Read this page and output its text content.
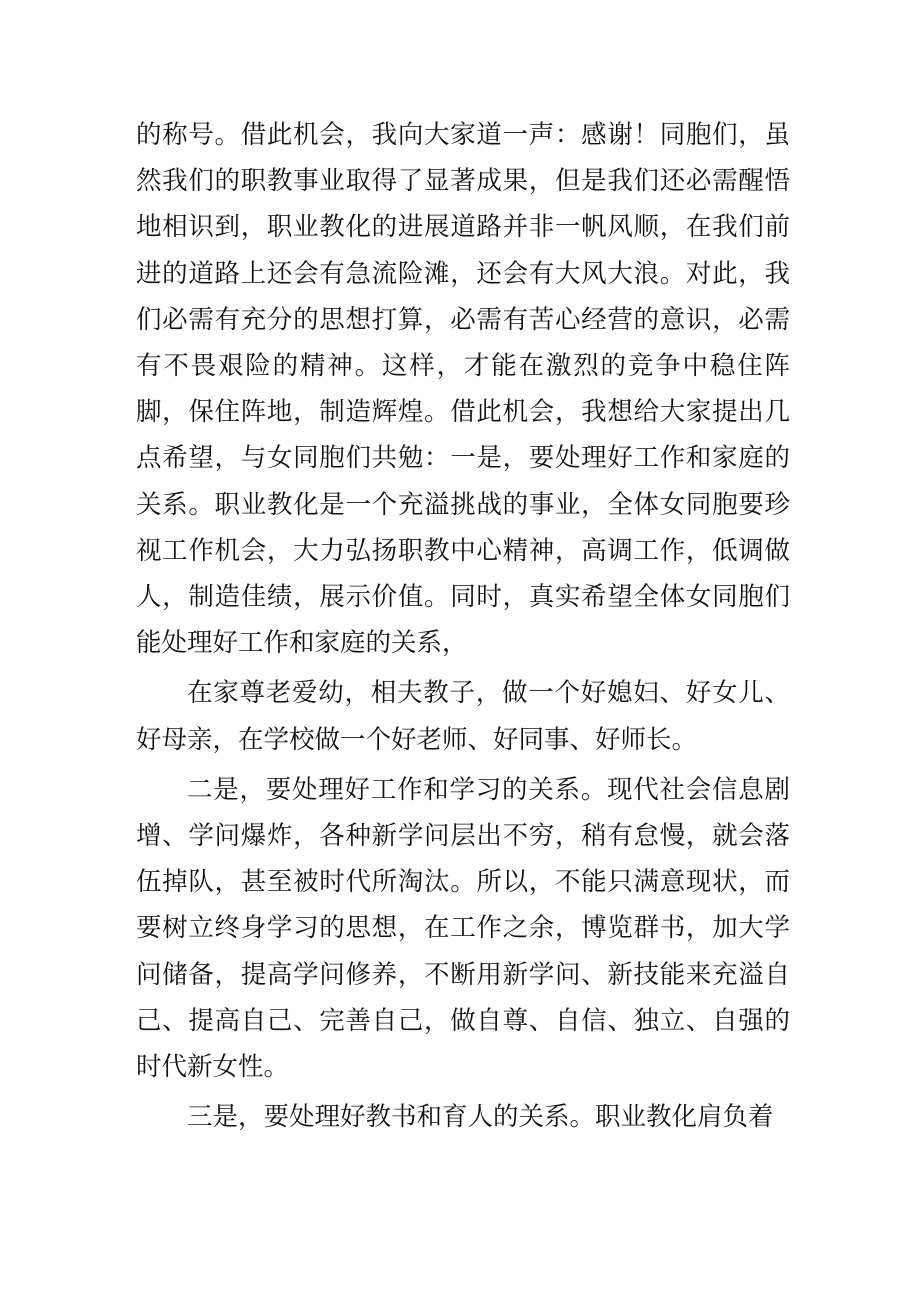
的称号。借此机会，我向大家道一声：感谢！同胞们，虽然我们的职教事业取得了显著成果，但是我们还必需醒悟地相识到，职业教化的进展道路并非一帆风顺，在我们前进的道路上还会有急流险滩，还会有大风大浪。对此，我们必需有充分的思想打算，必需有苦心经营的意识，必需有不畏艰险的精神。这样，才能在激烈的竞争中稳住阵脚，保住阵地，制造辉煌。借此机会，我想给大家提出几点希望，与女同胞们共勉：一是，要处理好工作和家庭的关系。职业教化是一个充溢挑战的事业，全体女同胞要珍视工作机会，大力弘扬职教中心精神，高调工作，低调做人，制造佳绩，展示价值。同时，真实希望全体女同胞们能处理好工作和家庭的关系，

在家尊老爱幼，相夫教子，做一个好媳妇、好女儿、好母亲，在学校做一个好老师、好同事、好师长。

二是，要处理好工作和学习的关系。现代社会信息剧增、学问爆炸，各种新学问层出不穷，稍有怠慢，就会落伍掉队，甚至被时代所淘汰。所以，不能只满意现状，而要树立终身学习的思想，在工作之余，博览群书，加大学问储备，提高学问修养，不断用新学问、新技能来充溢自己、提高自己、完善自己，做自尊、自信、独立、自强的时代新女性。

三是，要处理好教书和育人的关系。职业教化肩负着
